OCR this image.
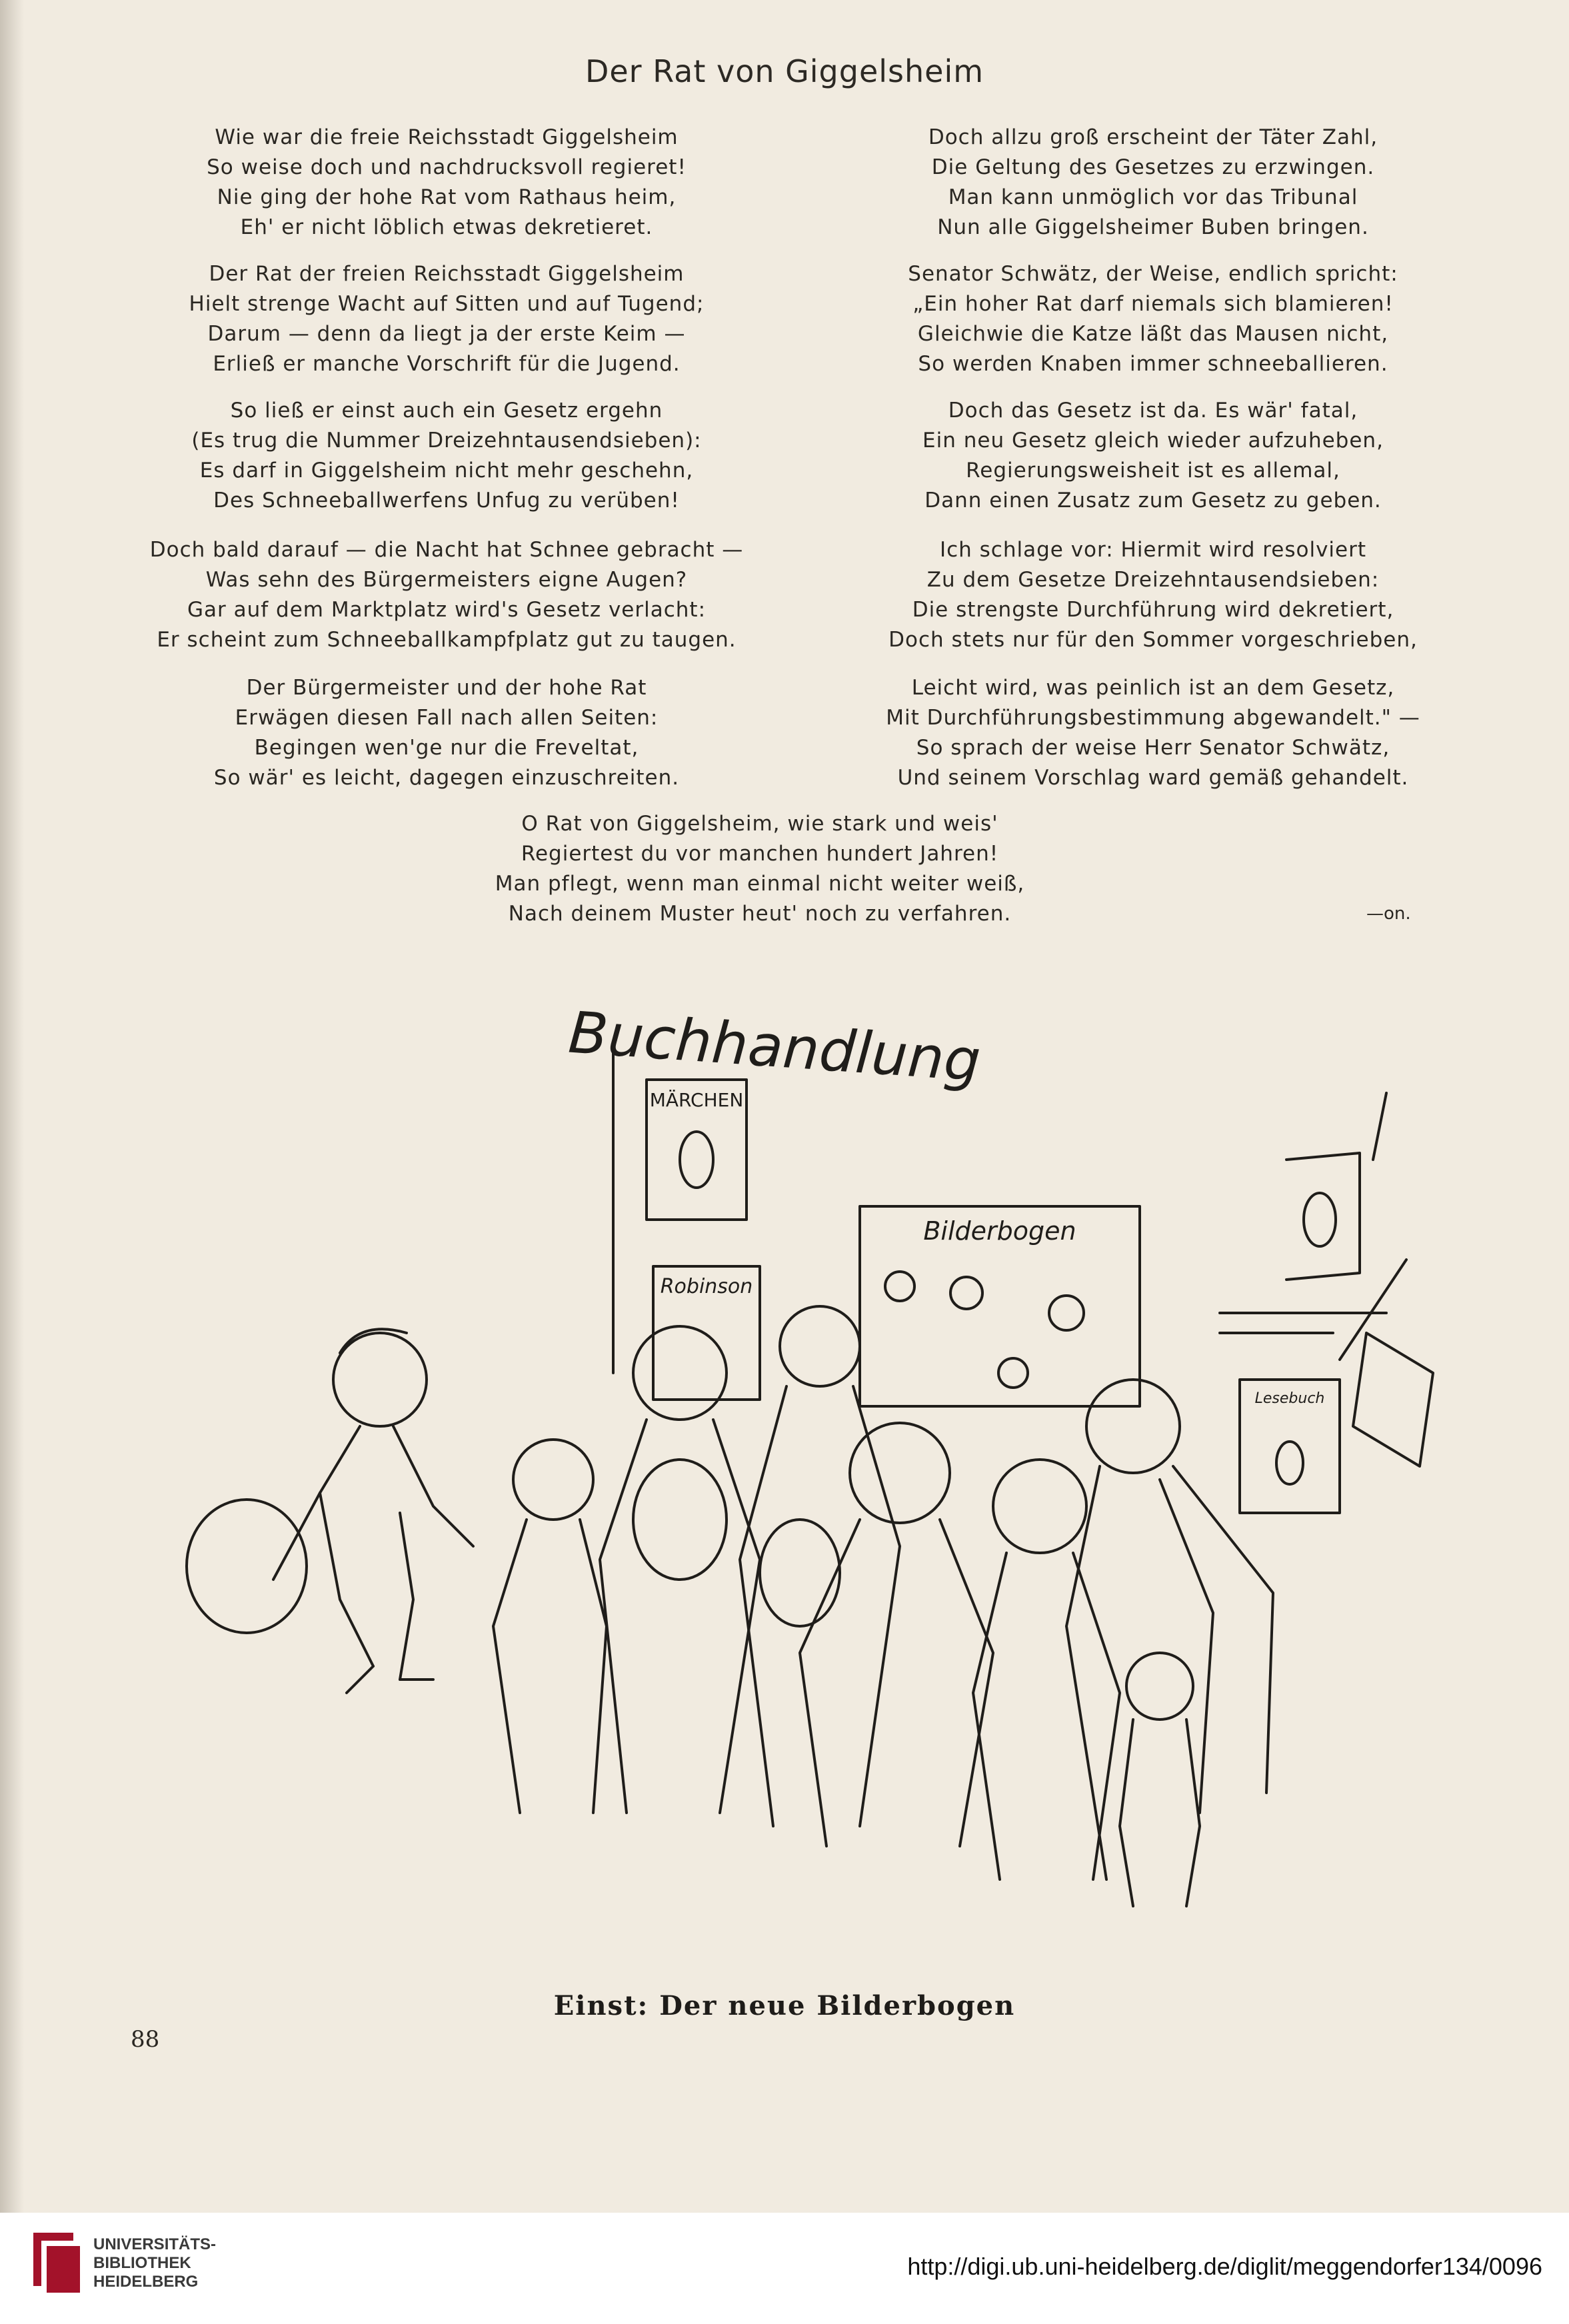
Der Rat von Giggelsheim

Wie war die freie Reichsstadt Giggelsheim
So weise doch und nachdrucksvoll regieret!
Nie ging der hohe Rat vom Rathaus heim,
Eh' er nicht löblich etwas dekretieret.

Der Rat der freien Reichsstadt Giggelsheim
Hielt strenge Wacht auf Sitten und auf Tugend;
Darum — denn da liegt ja der erste Keim —
Erließ er manche Vorschrift für die Jugend.

So ließ er einst auch ein Gesetz ergehn
(Es trug die Nummer Dreizehntausendsieben):
Es darf in Giggelsheim nicht mehr geschehn,
Des Schneeballwerfens Unfug zu verüben!

Doch bald darauf — die Nacht hat Schnee gebracht —
Was sehn des Bürgermeisters eigne Augen?
Gar auf dem Marktplatz wird's Gesetz verlacht:
Er scheint zum Schneeballkampfplatz gut zu taugen.

Der Bürgermeister und der hohe Rat
Erwägen diesen Fall nach allen Seiten:
Begingen wen'ge nur die Freveltat,
So wär' es leicht, dagegen einzuschreiten.

Doch allzu groß erscheint der Täter Zahl,
Die Geltung des Gesetzes zu erzwingen.
Man kann unmöglich vor das Tribunal
Nun alle Giggelsheimer Buben bringen.

Senator Schwätz, der Weise, endlich spricht:
„Ein hoher Rat darf niemals sich blamieren!
Gleichwie die Katze läßt das Mausen nicht,
So werden Knaben immer schneeballieren.

Doch das Gesetz ist da. Es wär' fatal,
Ein neu Gesetz gleich wieder aufzuheben,
Regierungsweisheit ist es allemal,
Dann einen Zusatz zum Gesetz zu geben.

Ich schlage vor: Hiermit wird resolviert
Zu dem Gesetze Dreizehntausendsieben:
Die strengste Durchführung wird dekretiert,
Doch stets nur für den Sommer vorgeschrieben,

Leicht wird, was peinlich ist an dem Gesetz,
Mit Durchführungsbestimmung abgewandelt." —
So sprach der weise Herr Senator Schwätz,
Und seinem Vorschlag ward gemäß gehandelt.

O Rat von Giggelsheim, wie stark und weis'
Regiertest du vor manchen hundert Jahren!
Man pflegt, wenn man einmal nicht weiter weiß,
Nach deinem Muster heut' noch zu verfahren.	—on.
Buchhandlung
MÄRCHEN
Bilderbogen
Robinson
Lesebuch
Einst: Der neue Bilderbogen
88
UNIVERSITÄTS-
BIBLIOTHEK
HEIDELBERG
http://digi.ub.uni-heidelberg.de/diglit/meggendorfer134/0096
